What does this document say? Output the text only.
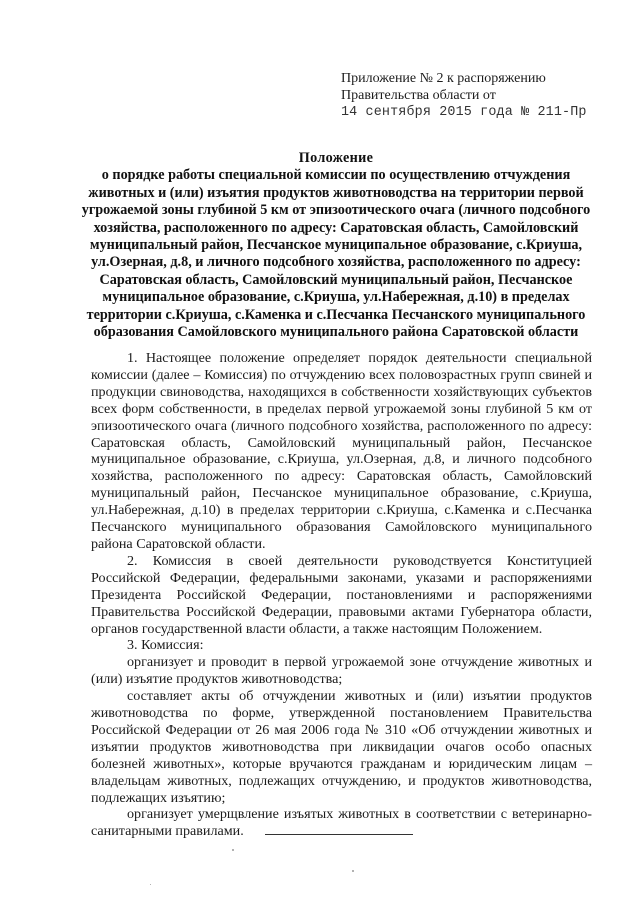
Приложение № 2 к распоряжению
Правительства области от
14 сентября 2015 года № 211-Пр
Положение
о порядке работы специальной комиссии по осуществлению отчуждения животных и (или) изъятия продуктов животноводства на территории первой угрожаемой зоны глубиной 5 км от эпизоотического очага (личного подсобного хозяйства, расположенного по адресу: Саратовская область, Самойловский муниципальный район, Песчанское муниципальное образование, с.Криуша, ул.Озерная, д.8, и личного подсобного хозяйства, расположенного по адресу: Саратовская область, Самойловский муниципальный район, Песчанское муниципальное образование, с.Криуша, ул.Набережная, д.10) в пределах территории с.Криуша, с.Каменка и с.Песчанка Песчанского муниципального образования Самойловского муниципального района Саратовской области

1. Настоящее положение определяет порядок деятельности специальной комиссии (далее – Комиссия) по отчуждению всех половозрастных групп свиней и продукции свиноводства, находящихся в собственности хозяйствующих субъектов всех форм собственности, в пределах первой угрожаемой зоны глубиной 5 км от эпизоотического очага (личного подсобного хозяйства, расположенного по адресу: Саратовская область, Самойловский муниципальный район, Песчанское муниципальное образование, с.Криуша, ул.Озерная, д.8, и личного подсобного хозяйства, расположенного по адресу: Саратовская область, Самойловский муниципальный район, Песчанское муниципальное образование, с.Криуша, ул.Набережная, д.10) в пределах территории с.Криуша, с.Каменка и с.Песчанка Песчанского муниципального образования Самойловского муниципального района Саратовской области.

2. Комиссия в своей деятельности руководствуется Конституцией Российской Федерации, федеральными законами, указами и распоряжениями Президента Российской Федерации, постановлениями и распоряжениями Правительства Российской Федерации, правовыми актами Губернатора области, органов государственной власти области, а также настоящим Положением.

3. Комиссия:

организует и проводит в первой угрожаемой зоне отчуждение животных и (или) изъятие продуктов животноводства;

составляет акты об отчуждении животных и (или) изъятии продуктов животноводства по форме, утвержденной постановлением Правительства Российской Федерации от 26 мая 2006 года № 310 «Об отчуждении животных и изъятии продуктов животноводства при ликвидации очагов особо опасных болезней животных», которые вручаются гражданам и юридическим лицам – владельцам животных, подлежащих отчуждению, и продуктов животноводства, подлежащих изъятию;

организует умерщвление изъятых животных в соответствии с ветеринарно-санитарными правилами.
